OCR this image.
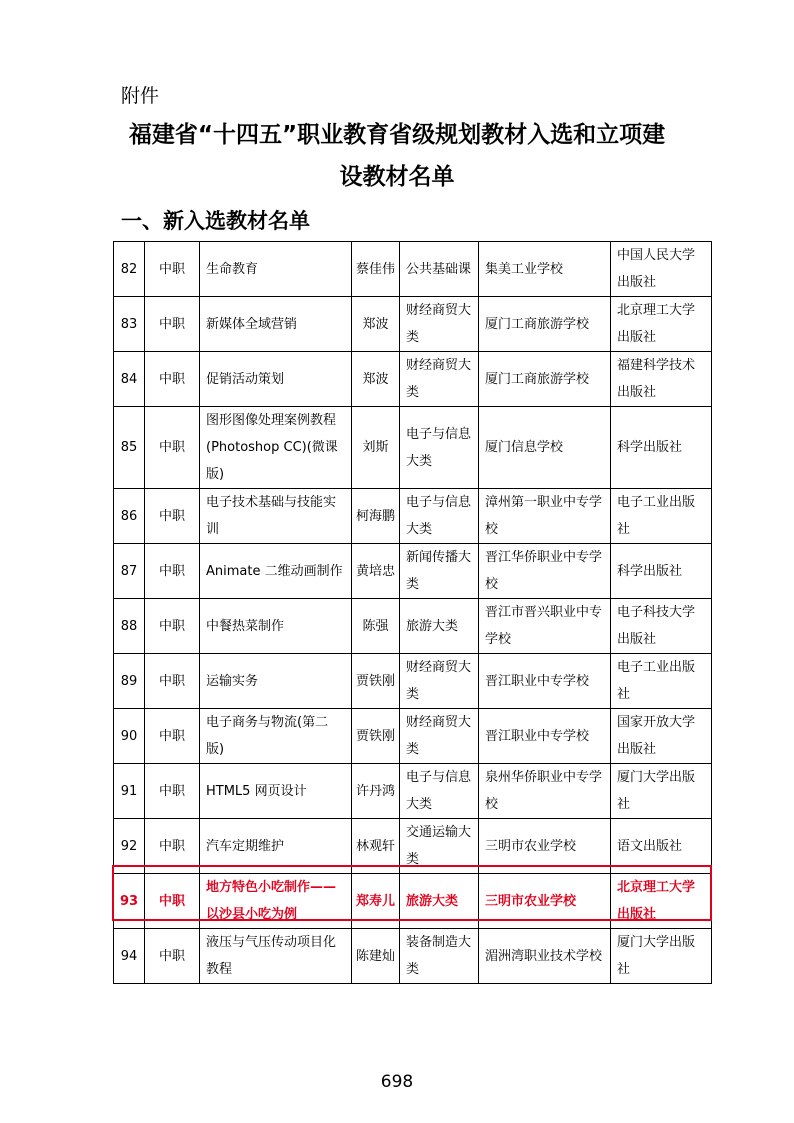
附件
福建省“十四五”职业教育省级规划教材入选和立项建
设教材名单
一、新入选教材名单
82	中职	生命教育	蔡佳伟	公共基础课	集美工业学校	中国人民大学出版社
83	中职	新媒体全域营销	郑波	财经商贸大类	厦门工商旅游学校	北京理工大学出版社
84	中职	促销活动策划	郑波	财经商贸大类	厦门工商旅游学校	福建科学技术出版社
85	中职	图形图像处理案例教程(Photoshop CC)(微课版)	刘斯	电子与信息大类	厦门信息学校	科学出版社
86	中职	电子技术基础与技能实训	柯海鹏	电子与信息大类	漳州第一职业中专学校	电子工业出版社
87	中职	Animate 二维动画制作	黄培忠	新闻传播大类	晋江华侨职业中专学校	科学出版社
88	中职	中餐热菜制作	陈强	旅游大类	晋江市晋兴职业中专学校	电子科技大学出版社
89	中职	运输实务	贾铁刚	财经商贸大类	晋江职业中专学校	电子工业出版社
90	中职	电子商务与物流(第二版)	贾铁刚	财经商贸大类	晋江职业中专学校	国家开放大学出版社
91	中职	HTML5 网页设计	许丹鸿	电子与信息大类	泉州华侨职业中专学校	厦门大学出版社
92	中职	汽车定期维护	林观轩	交通运输大类	三明市农业学校	语文出版社
93	中职	地方特色小吃制作——以沙县小吃为例	郑寿儿	旅游大类	三明市农业学校	北京理工大学出版社
94	中职	液压与气压传动项目化教程	陈建灿	装备制造大类	湄洲湾职业技术学校	厦门大学出版社
698
